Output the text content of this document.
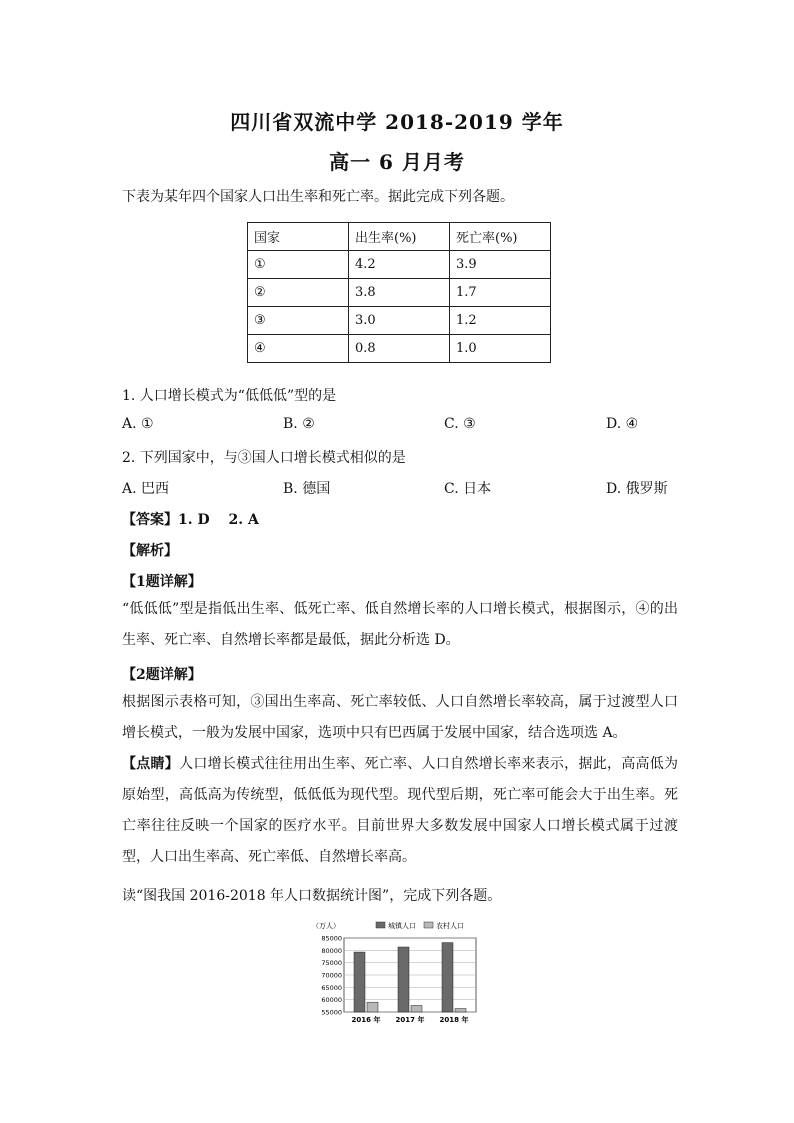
四川省双流中学 2018-2019 学年
高一 6 月月考
下表为某年四个国家人口出生率和死亡率。据此完成下列各题。
国家	出生率(%)	死亡率(%)
①	4.2	3.9
②	3.8	1.7
③	3.0	1.2
④	0.8	1.0
1. 人口增长模式为“低低低”型的是
A. ①	B. ②	C. ③	D. ④
2. 下列国家中，与③国人口增长模式相似的是
A. 巴西	B. 德国	C. 日本	D. 俄罗斯
【答案】1. D　 2. A
【解析】
【1题详解】
“低低低”型是指低出生率、低死亡率、低自然增长率的人口增长模式，根据图示，④的出生率、死亡率、自然增长率都是最低，据此分析选 D。
【2题详解】
根据图示表格可知，③国出生率高、死亡率较低、人口自然增长率较高，属于过渡型人口增长模式，一般为发展中国家，选项中只有巴西属于发展中国家，结合选项选 A。
【点睛】人口增长模式往往用出生率、死亡率、人口自然增长率来表示，据此，高高低为原始型，高低高为传统型，低低低为现代型。现代型后期，死亡率可能会大于出生率。死亡率往往反映一个国家的医疗水平。目前世界大多数发展中国家人口增长模式属于过渡型，人口出生率高、死亡率低、自然增长率高。
读“图我国 2016-2018 年人口数据统计图”，完成下列各题。
（万人）	城镇人口	农村人口
85000
80000
75000
70000
65000
60000
55000
2016 年 2017 年 2018 年
